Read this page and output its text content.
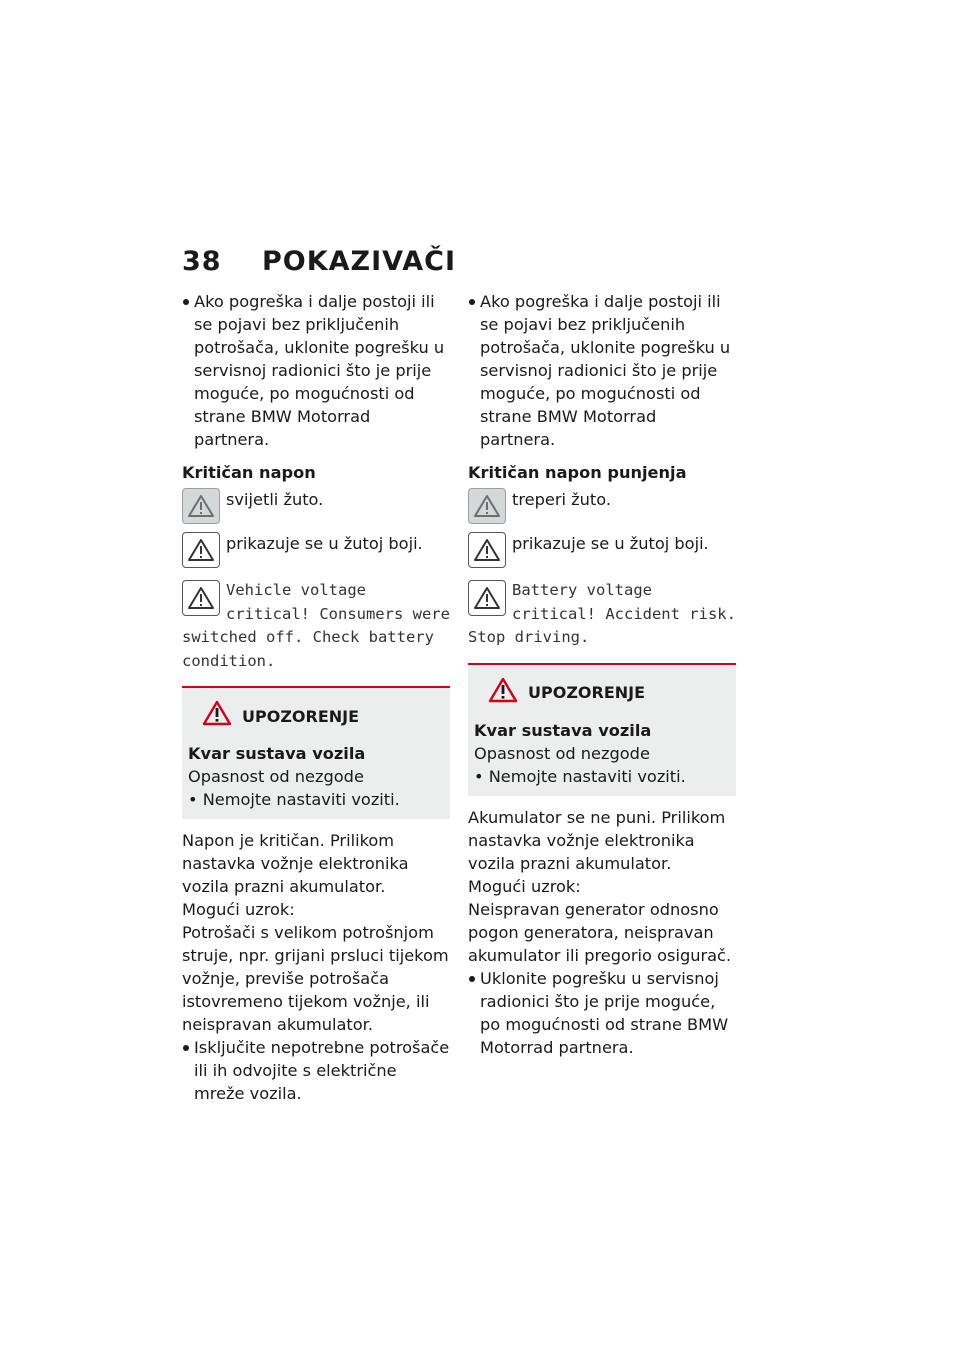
38 POKAZIVAČI
Ako pogreška i dalje postoji ili se pojavi bez priključenih potrošača, uklonite pogrešku u servisnoj radionici što je prije moguće, po mogućnosti od strane BMW Motorrad partnera.
Kritičan napon
svijetli žuto.
prikazuje se u žutoj boji.
Vehicle voltage critical! Consumers were switched off. Check battery condition.
UPOZORENJE
Kvar sustava vozila
Opasnost od nezgode
• Nemojte nastaviti voziti.
Napon je kritičan. Prilikom nastavka vožnje elektronika vozila prazni akumulator.
Mogući uzrok:
Potrošači s velikom potrošnjom struje, npr. grijani prsluci tijekom vožnje, previše potrošača istovremeno tijekom vožnje, ili neispravan akumulator.
Isključite nepotrebne potrošače ili ih odvojite s električne mreže vozila.
Ako pogreška i dalje postoji ili se pojavi bez priključenih potrošača, uklonite pogrešku u servisnoj radionici što je prije moguće, po mogućnosti od strane BMW Motorrad partnera.
Kritičan napon punjenja
treperi žuto.
prikazuje se u žutoj boji.
Battery voltage critical! Accident risk. Stop driving.
UPOZORENJE
Kvar sustava vozila
Opasnost od nezgode
• Nemojte nastaviti voziti.
Akumulator se ne puni. Prilikom nastavka vožnje elektronika vozila prazni akumulator.
Mogući uzrok:
Neispravan generator odnosno pogon generatora, neispravan akumulator ili pregorio osigurač.
Uklonite pogrešku u servisnoj radionici što je prije moguće, po mogućnosti od strane BMW Motorrad partnera.
